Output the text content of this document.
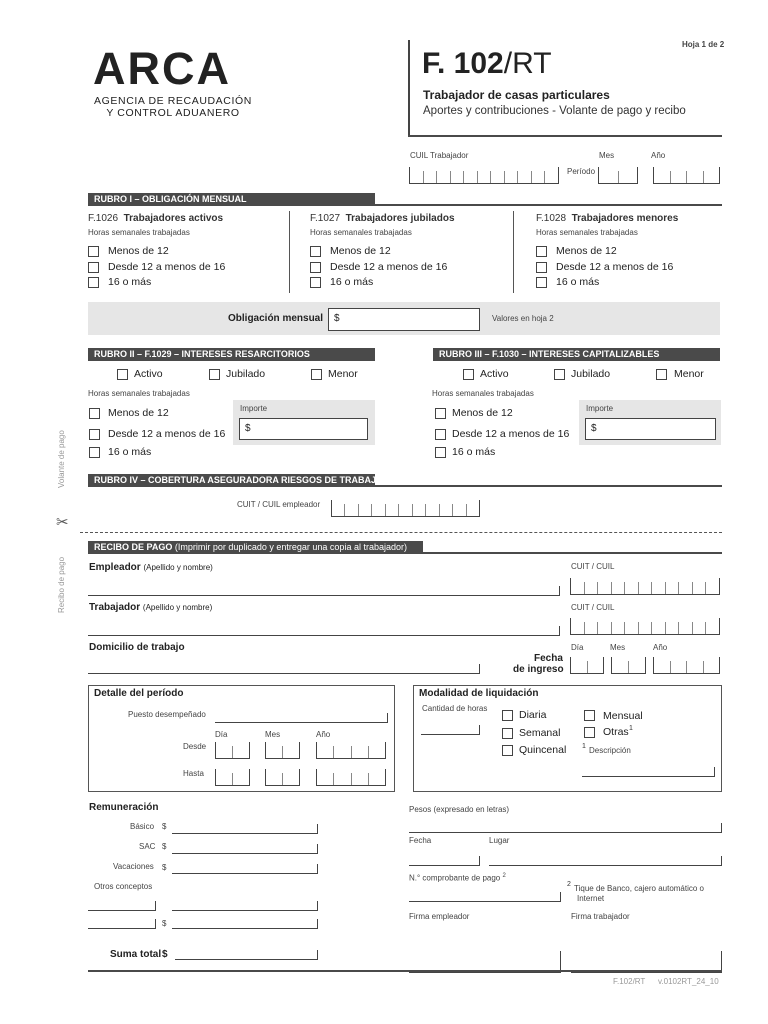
ARCA
AGENCIA DE RECAUDACIÓN
Y CONTROL ADUANERO
F. 102/RT
Hoja 1 de 2
Trabajador de casas particulares
Aportes y contribuciones - Volante de pago y recibo
CUIL Trabajador	Mes	Año
Período
RUBRO I – OBLIGACIÓN MENSUAL
F.1026 Trabajadores activos
Horas semanales trabajadas
Menos de 12
Desde 12 a menos de 16
16 o más
F.1027 Trabajadores jubilados
Horas semanales trabajadas
Menos de 12
Desde 12 a menos de 16
16 o más
F.1028 Trabajadores menores
Horas semanales trabajadas
Menos de 12
Desde 12 a menos de 16
16 o más
Obligación mensual	$	Valores en hoja 2
RUBRO II – F.1029 – INTERESES RESARCITORIOS
Activo	Jubilado	Menor
Horas semanales trabajadas
Menos de 12
Desde 12 a menos de 16
16 o más
Importe
$
RUBRO III – F.1030 – INTERESES CAPITALIZABLES
Activo	Jubilado	Menor
Horas semanales trabajadas
Menos de 12
Desde 12 a menos de 16
16 o más
Importe
$
Volante de pago
Recibo de pago
RUBRO IV – COBERTURA ASEGURADORA RIESGOS DE TRABAJO
CUIT / CUIL empleador
✂
RECIBO DE PAGO (Imprimir por duplicado y entregar una copia al trabajador)
Empleador (Apellido y nombre)	CUIT / CUIL
Trabajador (Apellido y nombre)	CUIT / CUIL
Domicilio de trabajo
Fecha
de ingreso
Día	Mes	Año
Detalle del período
Puesto desempeñado
Día	Mes	Año
Desde
Hasta
Modalidad de liquidación
Cantidad de horas
Diaria
Semanal
Quincenal
Mensual
Otras 1
1 Descripción
Remuneración
Básico $
SAC $
Vacaciones $
Otros conceptos
$
Suma total $
Pesos (expresado en letras)
Fecha	Lugar
N.° comprobante de pago $^2$
2 Tique de Banco, cajero automático o
Internet
Firma empleador	Firma trabajador
F.102/RT v.0102RT_24_10
